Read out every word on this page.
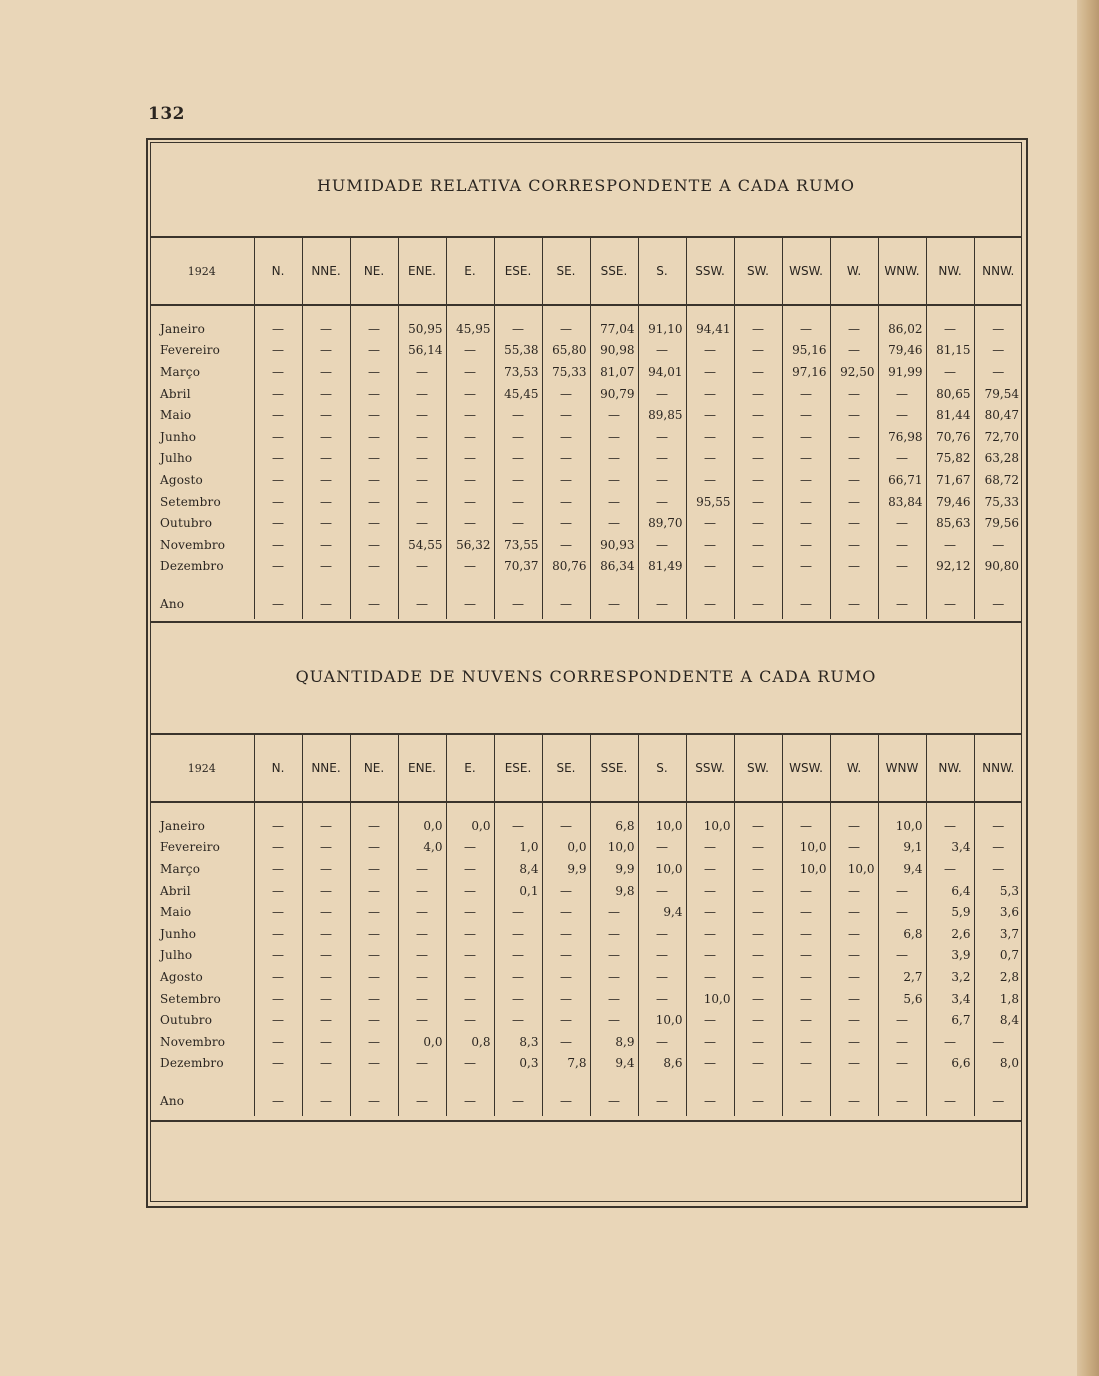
132
HUMIDADE RELATIVA CORRESPONDENTE A CADA RUMO
1924	N.	NNE.	NE.	ENE.	E.	ESE.	SE.	SSE.	S.	SSW.	SW.	WSW.	W.	WNW.	NW.	NNW.

Janeiro	—	—	—	50,95	45,95	—	—	77,04	91,10	94,41	—	—	—	86,02	—	—
Fevereiro	—	—	—	56,14	—	55,38	65,80	90,98	—	—	—	95,16	—	79,46	81,15	—
Março	—	—	—	—	—	73,53	75,33	81,07	94,01	—	—	97,16	92,50	91,99	—	—
Abril	—	—	—	—	—	45,45	—	90,79	—	—	—	—	—	—	80,65	79,54
Maio	—	—	—	—	—	—	—	—	89,85	—	—	—	—	—	81,44	80,47
Junho	—	—	—	—	—	—	—	—	—	—	—	—	—	76,98	70,76	72,70
Julho	—	—	—	—	—	—	—	—	—	—	—	—	—	—	75,82	63,28
Agosto	—	—	—	—	—	—	—	—	—	—	—	—	—	66,71	71,67	68,72
Setembro	—	—	—	—	—	—	—	—	—	95,55	—	—	—	83,84	79,46	75,33
Outubro	—	—	—	—	—	—	—	—	89,70	—	—	—	—	—	85,63	79,56
Novembro	—	—	—	54,55	56,32	73,55	—	90,93	—	—	—	—	—	—	—	—
Dezembro	—	—	—	—	—	70,37	80,76	86,34	81,49	—	—	—	—	—	92,12	90,80

Ano	—	—	—	—	—	—	—	—	—	—	—	—	—	—	—	—
QUANTIDADE DE NUVENS CORRESPONDENTE A CADA RUMO
1924	N.	NNE.	NE.	ENE.	E.	ESE.	SE.	SSE.	S.	SSW.	SW.	WSW.	W.	WNW	NW.	NNW.

Janeiro	—	—	—	0,0	0,0	—	—	6,8	10,0	10,0	—	—	—	10,0	—	—
Fevereiro	—	—	—	4,0	—	1,0	0,0	10,0	—	—	—	10,0	—	9,1	3,4	—
Março	—	—	—	—	—	8,4	9,9	9,9	10,0	—	—	10,0	10,0	9,4	—	—
Abril	—	—	—	—	—	0,1	—	9,8	—	—	—	—	—	—	6,4	5,3
Maio	—	—	—	—	—	—	—	—	9,4	—	—	—	—	—	5,9	3,6
Junho	—	—	—	—	—	—	—	—	—	—	—	—	—	6,8	2,6	3,7
Julho	—	—	—	—	—	—	—	—	—	—	—	—	—	—	3,9	0,7
Agosto	—	—	—	—	—	—	—	—	—	—	—	—	—	2,7	3,2	2,8
Setembro	—	—	—	—	—	—	—	—	—	10,0	—	—	—	5,6	3,4	1,8
Outubro	—	—	—	—	—	—	—	—	10,0	—	—	—	—	—	6,7	8,4
Novembro	—	—	—	0,0	0,8	8,3	—	8,9	—	—	—	—	—	—	—	—
Dezembro	—	—	—	—	—	0,3	7,8	9,4	8,6	—	—	—	—	—	6,6	8,0

Ano	—	—	—	—	—	—	—	—	—	—	—	—	—	—	—	—
